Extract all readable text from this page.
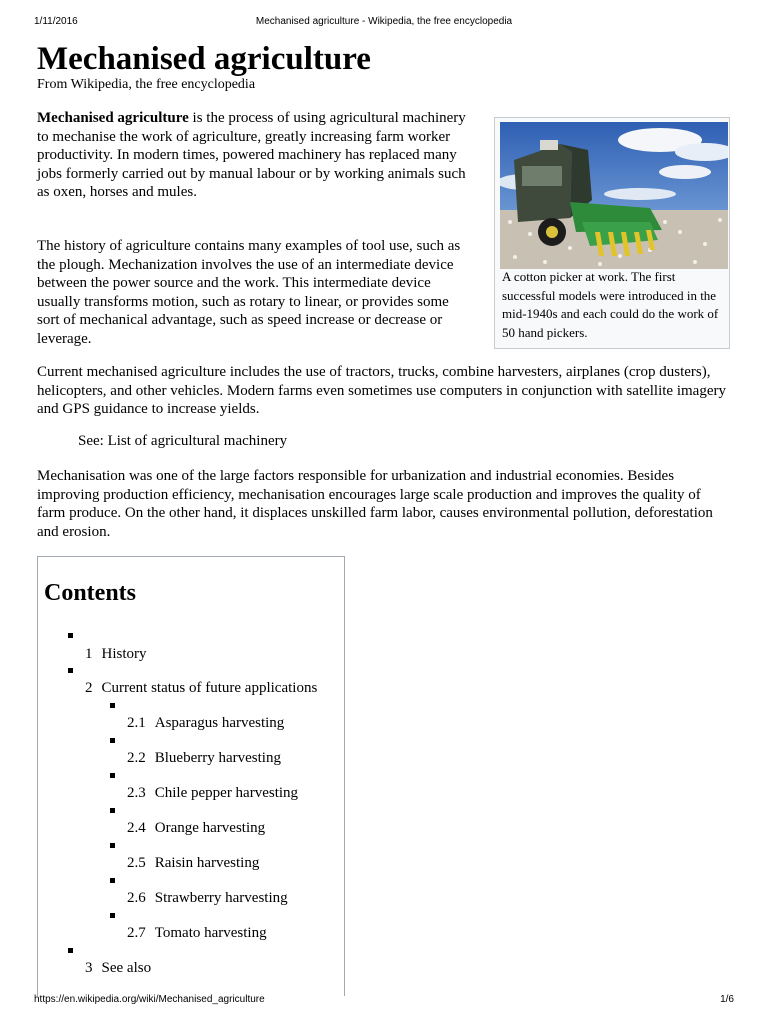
1/11/2016	Mechanised agriculture - Wikipedia, the free encyclopedia
Mechanised agriculture
From Wikipedia, the free encyclopedia

Mechanised agriculture is the process of using agricultural machinery to mechanise the work of agriculture, greatly increasing farm worker productivity. In modern times, powered machinery has replaced many jobs formerly carried out by manual labour or by working animals such as oxen, horses and mules.

The history of agriculture contains many examples of tool use, such as the plough. Mechanization involves the use of an intermediate device between the power source and the work. This intermediate device usually transforms motion, such as rotary to linear, or provides some sort of mechanical advantage, such as speed increase or decrease or leverage.

Current mechanised agriculture includes the use of tractors, trucks, combine harvesters, airplanes (crop dusters), helicopters, and other vehicles. Modern farms even sometimes use computers in conjunction with satellite imagery and GPS guidance to increase yields.

See: List of agricultural machinery

Mechanisation was one of the large factors responsible for urbanization and industrial economies. Besides improving production efficiency, mechanisation encourages large scale production and improves the quality of farm produce. On the other hand, it displaces unskilled farm labor, causes environmental pollution, deforestation and erosion.

A cotton picker at work. The first successful models were introduced in the mid-1940s and each could do the work of 50 hand pickers.
Contents
1 History
2 Current status of future applications
2.1 Asparagus harvesting
2.2 Blueberry harvesting
2.3 Chile pepper harvesting
2.4 Orange harvesting
2.5 Raisin harvesting
2.6 Strawberry harvesting
2.7 Tomato harvesting
3 See also
https://en.wikipedia.org/wiki/Mechanised_agriculture	1/6
